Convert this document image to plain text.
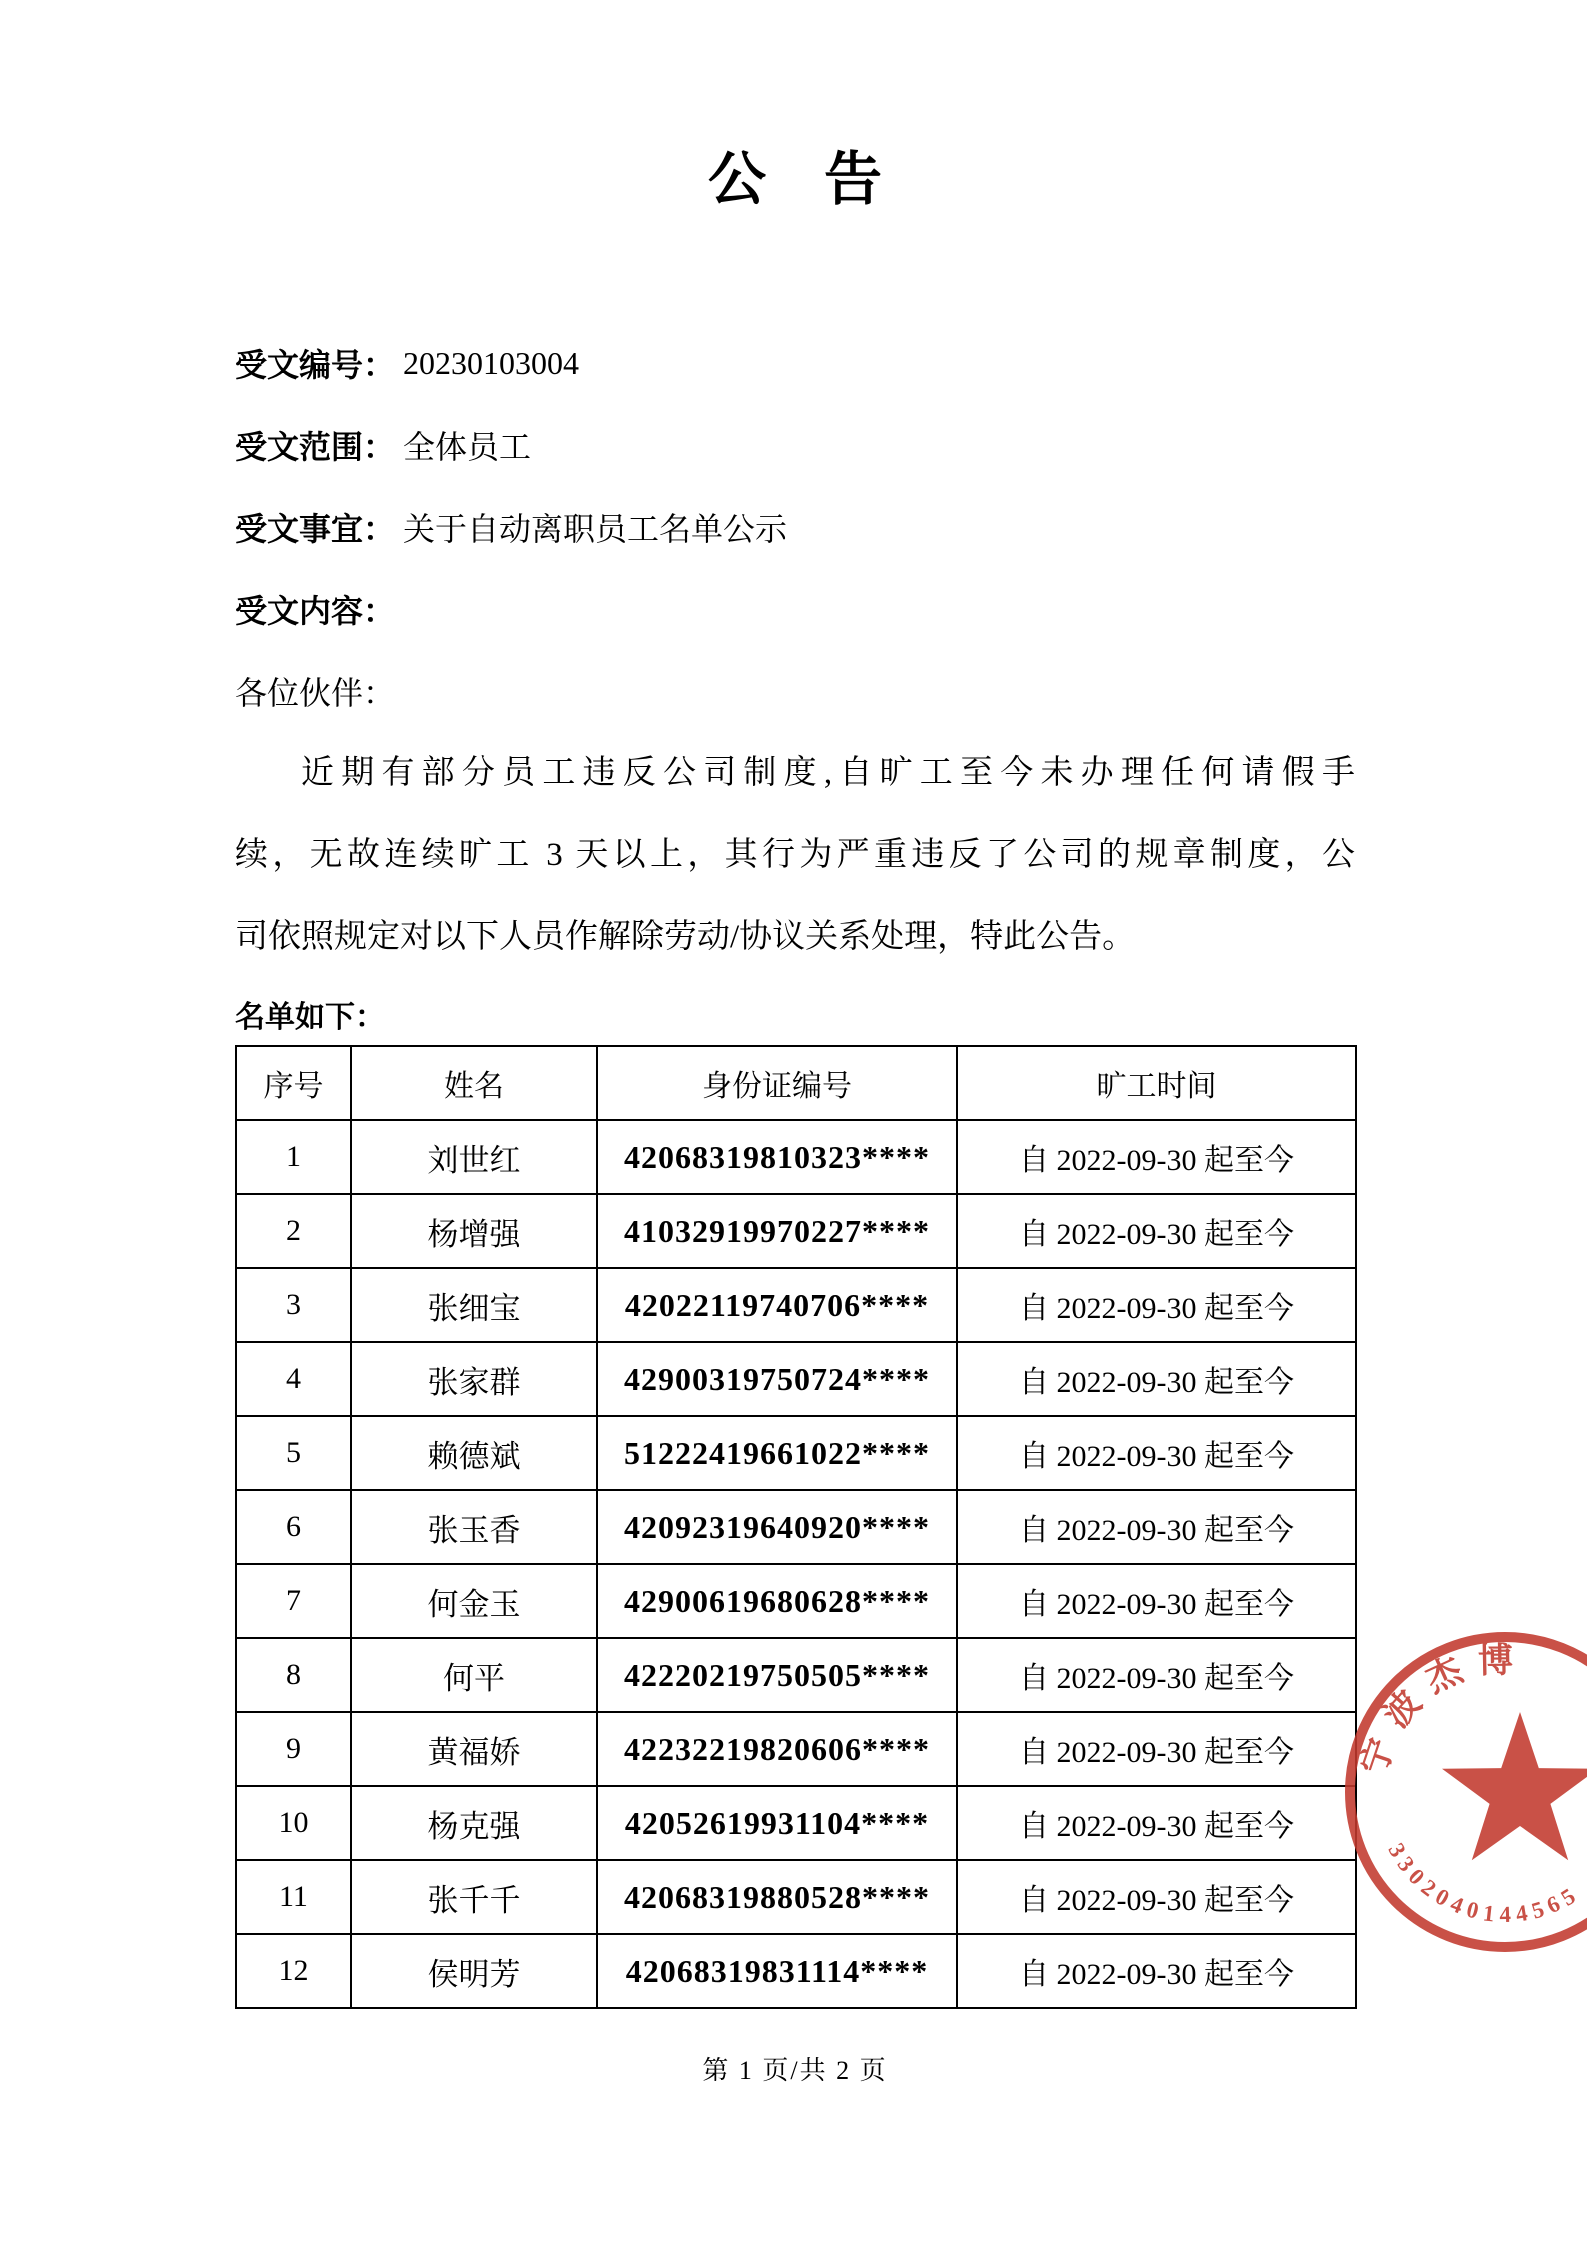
公　告
受文编号： 20230103004
受文范围： 全体员工
受文事宜： 关于自动离职员工名单公示
受文内容：
各位伙伴：
近期有部分员工违反公司制度,自旷工至今未办理任何请假手
续，无故连续旷工 3 天以上，其行为严重违反了公司的规章制度，公
司依照规定对以下人员作解除劳动/协议关系处理，特此公告。
名单如下：
序号	姓名	身份证编号	旷工时间
1	刘世红	42068319810323****	自 2022-09-30 起至今
2	杨增强	41032919970227****	自 2022-09-30 起至今
3	张细宝	42022119740706****	自 2022-09-30 起至今
4	张家群	42900319750724****	自 2022-09-30 起至今
5	赖德斌	51222419661022****	自 2022-09-30 起至今
6	张玉香	42092319640920****	自 2022-09-30 起至今
7	何金玉	42900619680628****	自 2022-09-30 起至今
8	何平	42220219750505****	自 2022-09-30 起至今
9	黄福娇	42232219820606****	自 2022-09-30 起至今
10	杨克强	42052619931104****	自 2022-09-30 起至今
11	张千千	42068319880528****	自 2022-09-30 起至今
12	侯明芳	42068319831114****	自 2022-09-30 起至今
第 1 页/共 2 页
宁波杰博
3302040144565
